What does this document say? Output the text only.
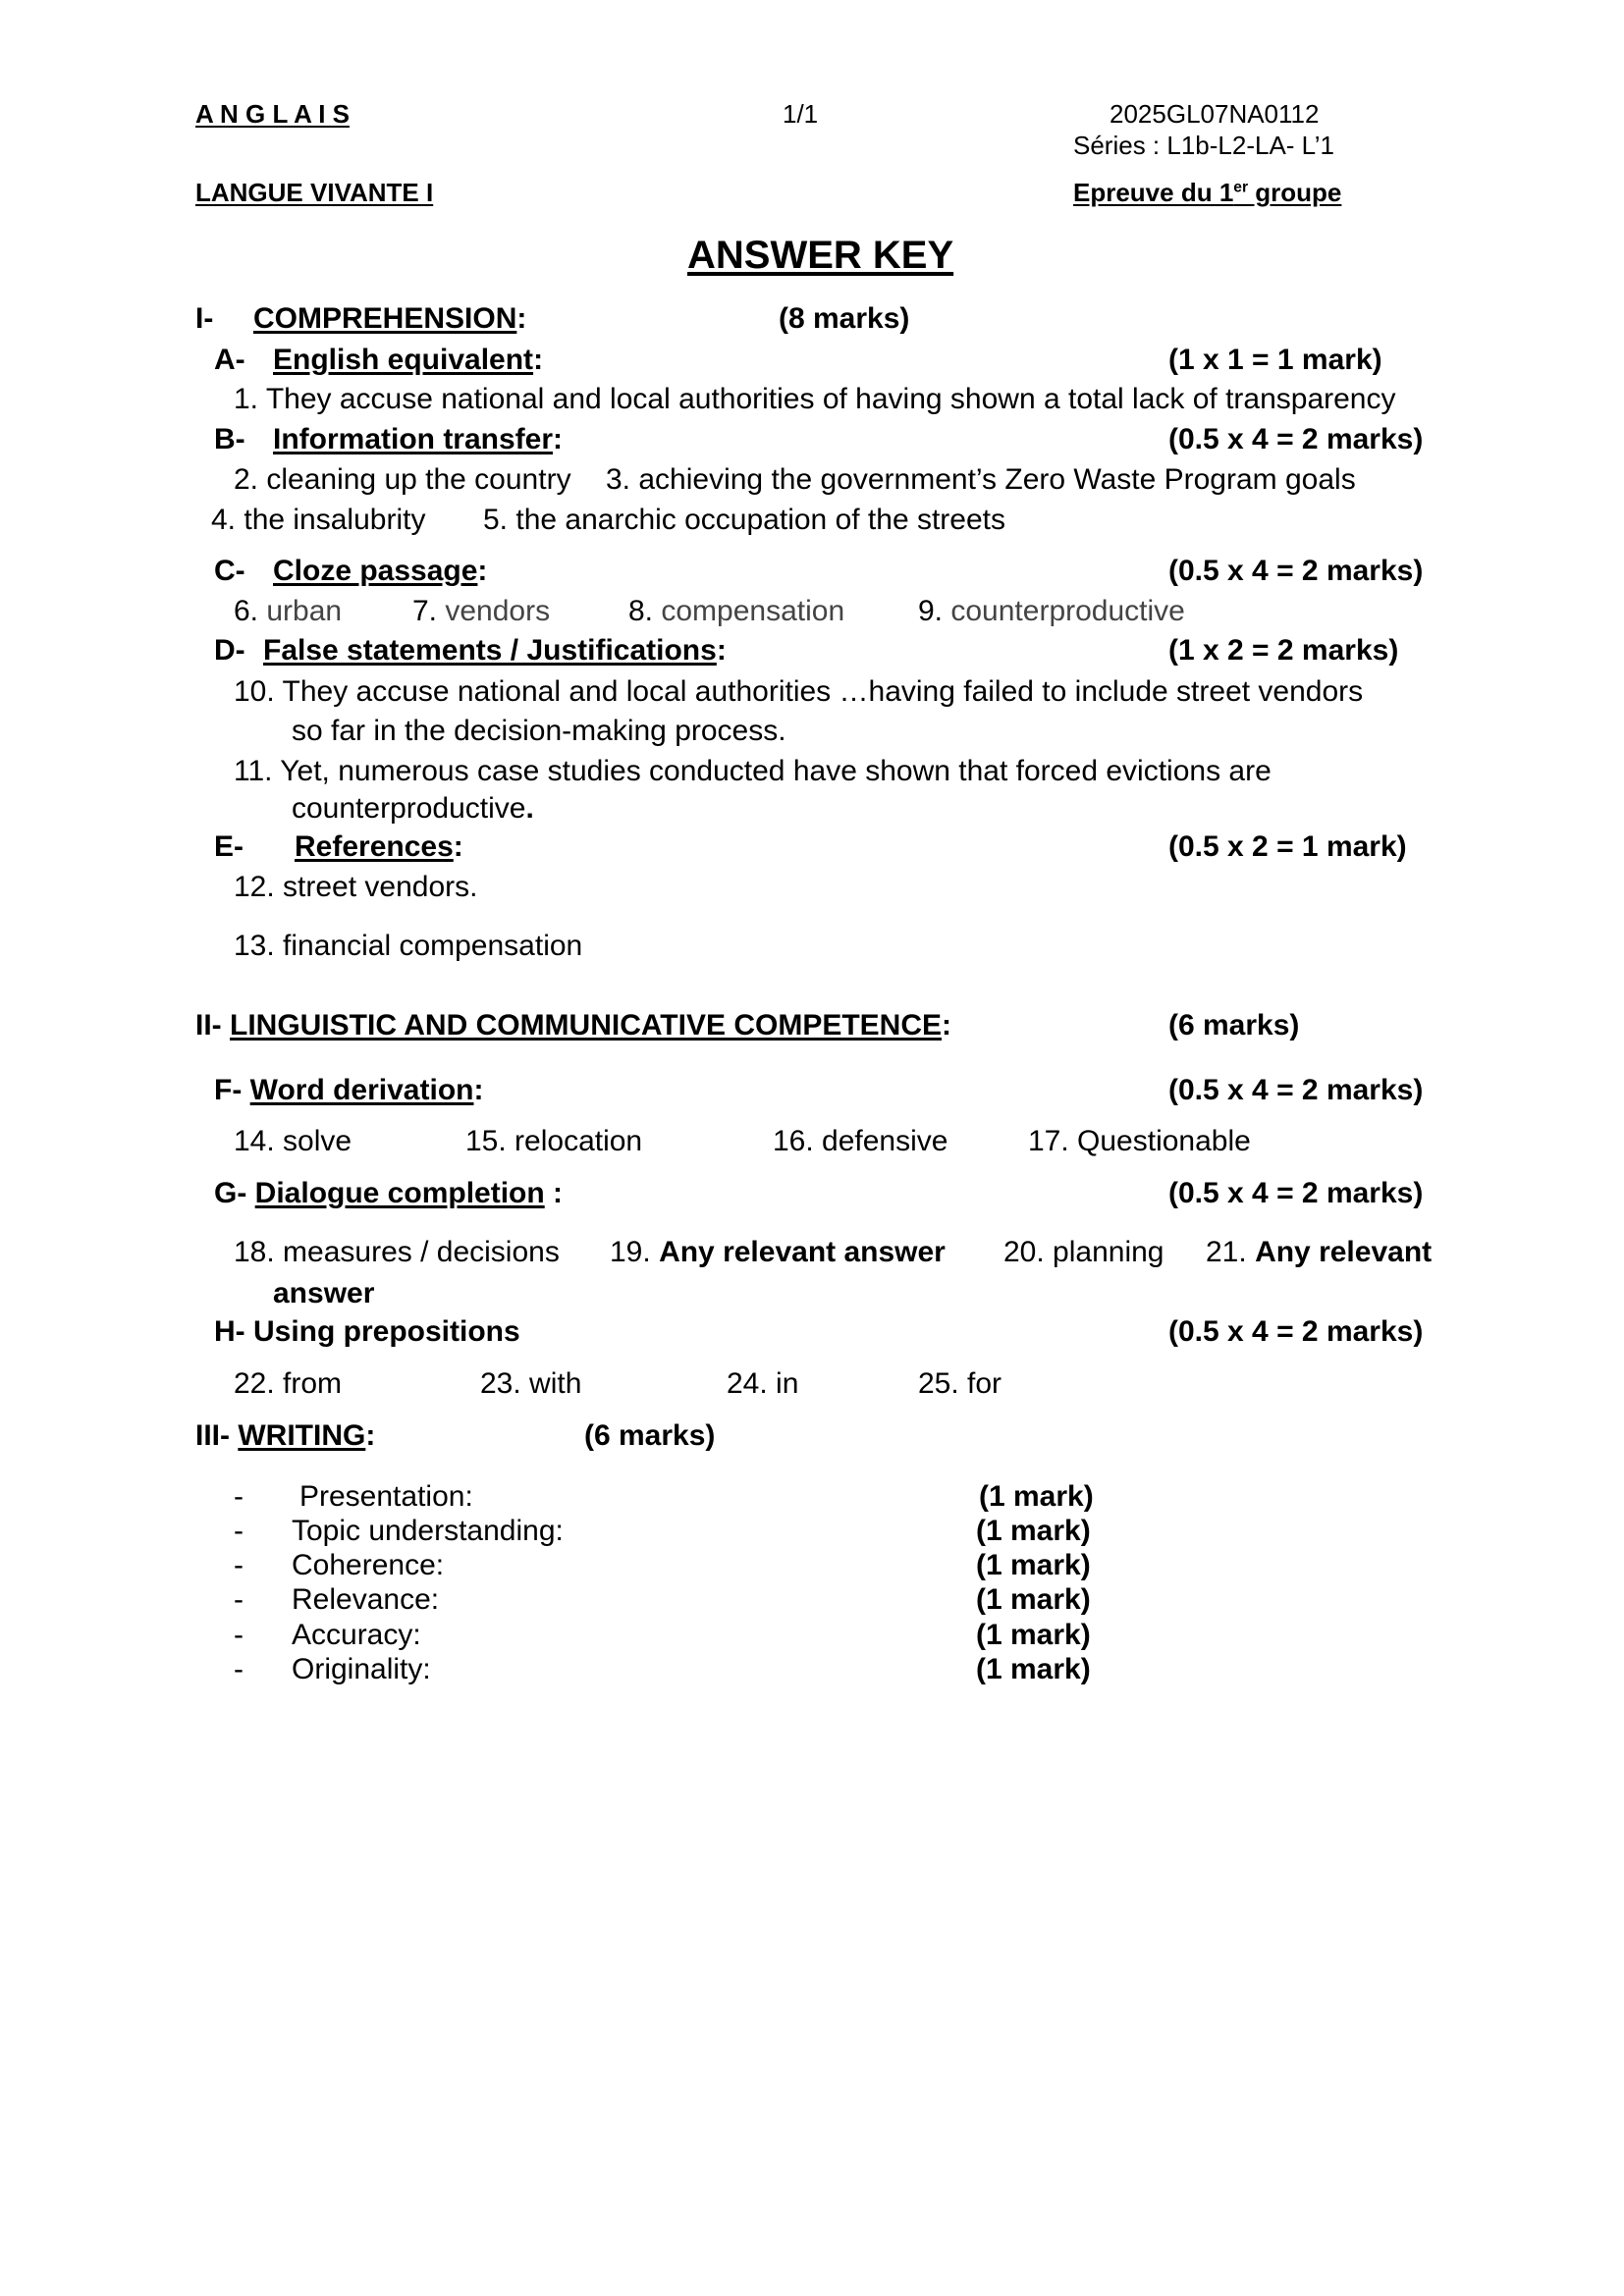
A N G L A I S	1/1	2025GL07NA0112
Séries : L1b-L2-LA- L’1
LANGUE VIVANTE I	Epreuve du 1er groupe
ANSWER KEY
I- COMPREHENSION:	(8 marks)
A- English equivalent:	(1 x 1 = 1 mark)
1. They accuse national and local authorities of having shown a total lack of transparency
B- Information transfer:	(0.5 x 4 = 2 marks)
2. cleaning up the country 3. achieving the government’s Zero Waste Program goals
4. the insalubrity 5. the anarchic occupation of the streets
C- Cloze passage:	(0.5 x 4 = 2 marks)
6. urban 7. vendors	8. compensation 9. counterproductive
D- False statements / Justifications:	(1 x 2 = 2 marks)
10. They accuse national and local authorities …having failed to include street vendors
so far in the decision-making process.
11. Yet, numerous case studies conducted have shown that forced evictions are
counterproductive.
E- References:	(0.5 x 2 = 1 mark)
12. street vendors.
13. financial compensation
II- LINGUISTIC AND COMMUNICATIVE COMPETENCE:	(6 marks)
F- Word derivation:	(0.5 x 4 = 2 marks)
14. solve	15. relocation	16. defensive	17. Questionable
G- Dialogue completion :	(0.5 x 4 = 2 marks)
18. measures / decisions 19. Any relevant answer 20. planning 21. Any relevant
answer
H- Using prepositions	(0.5 x 4 = 2 marks)
22. from	23. with	24. in	25. for
III- WRITING:	(6 marks)
- Presentation:	(1 mark)
- Topic understanding:	(1 mark)
- Coherence:	(1 mark)
- Relevance:	(1 mark)
- Accuracy:	(1 mark)
- Originality:	(1 mark)
